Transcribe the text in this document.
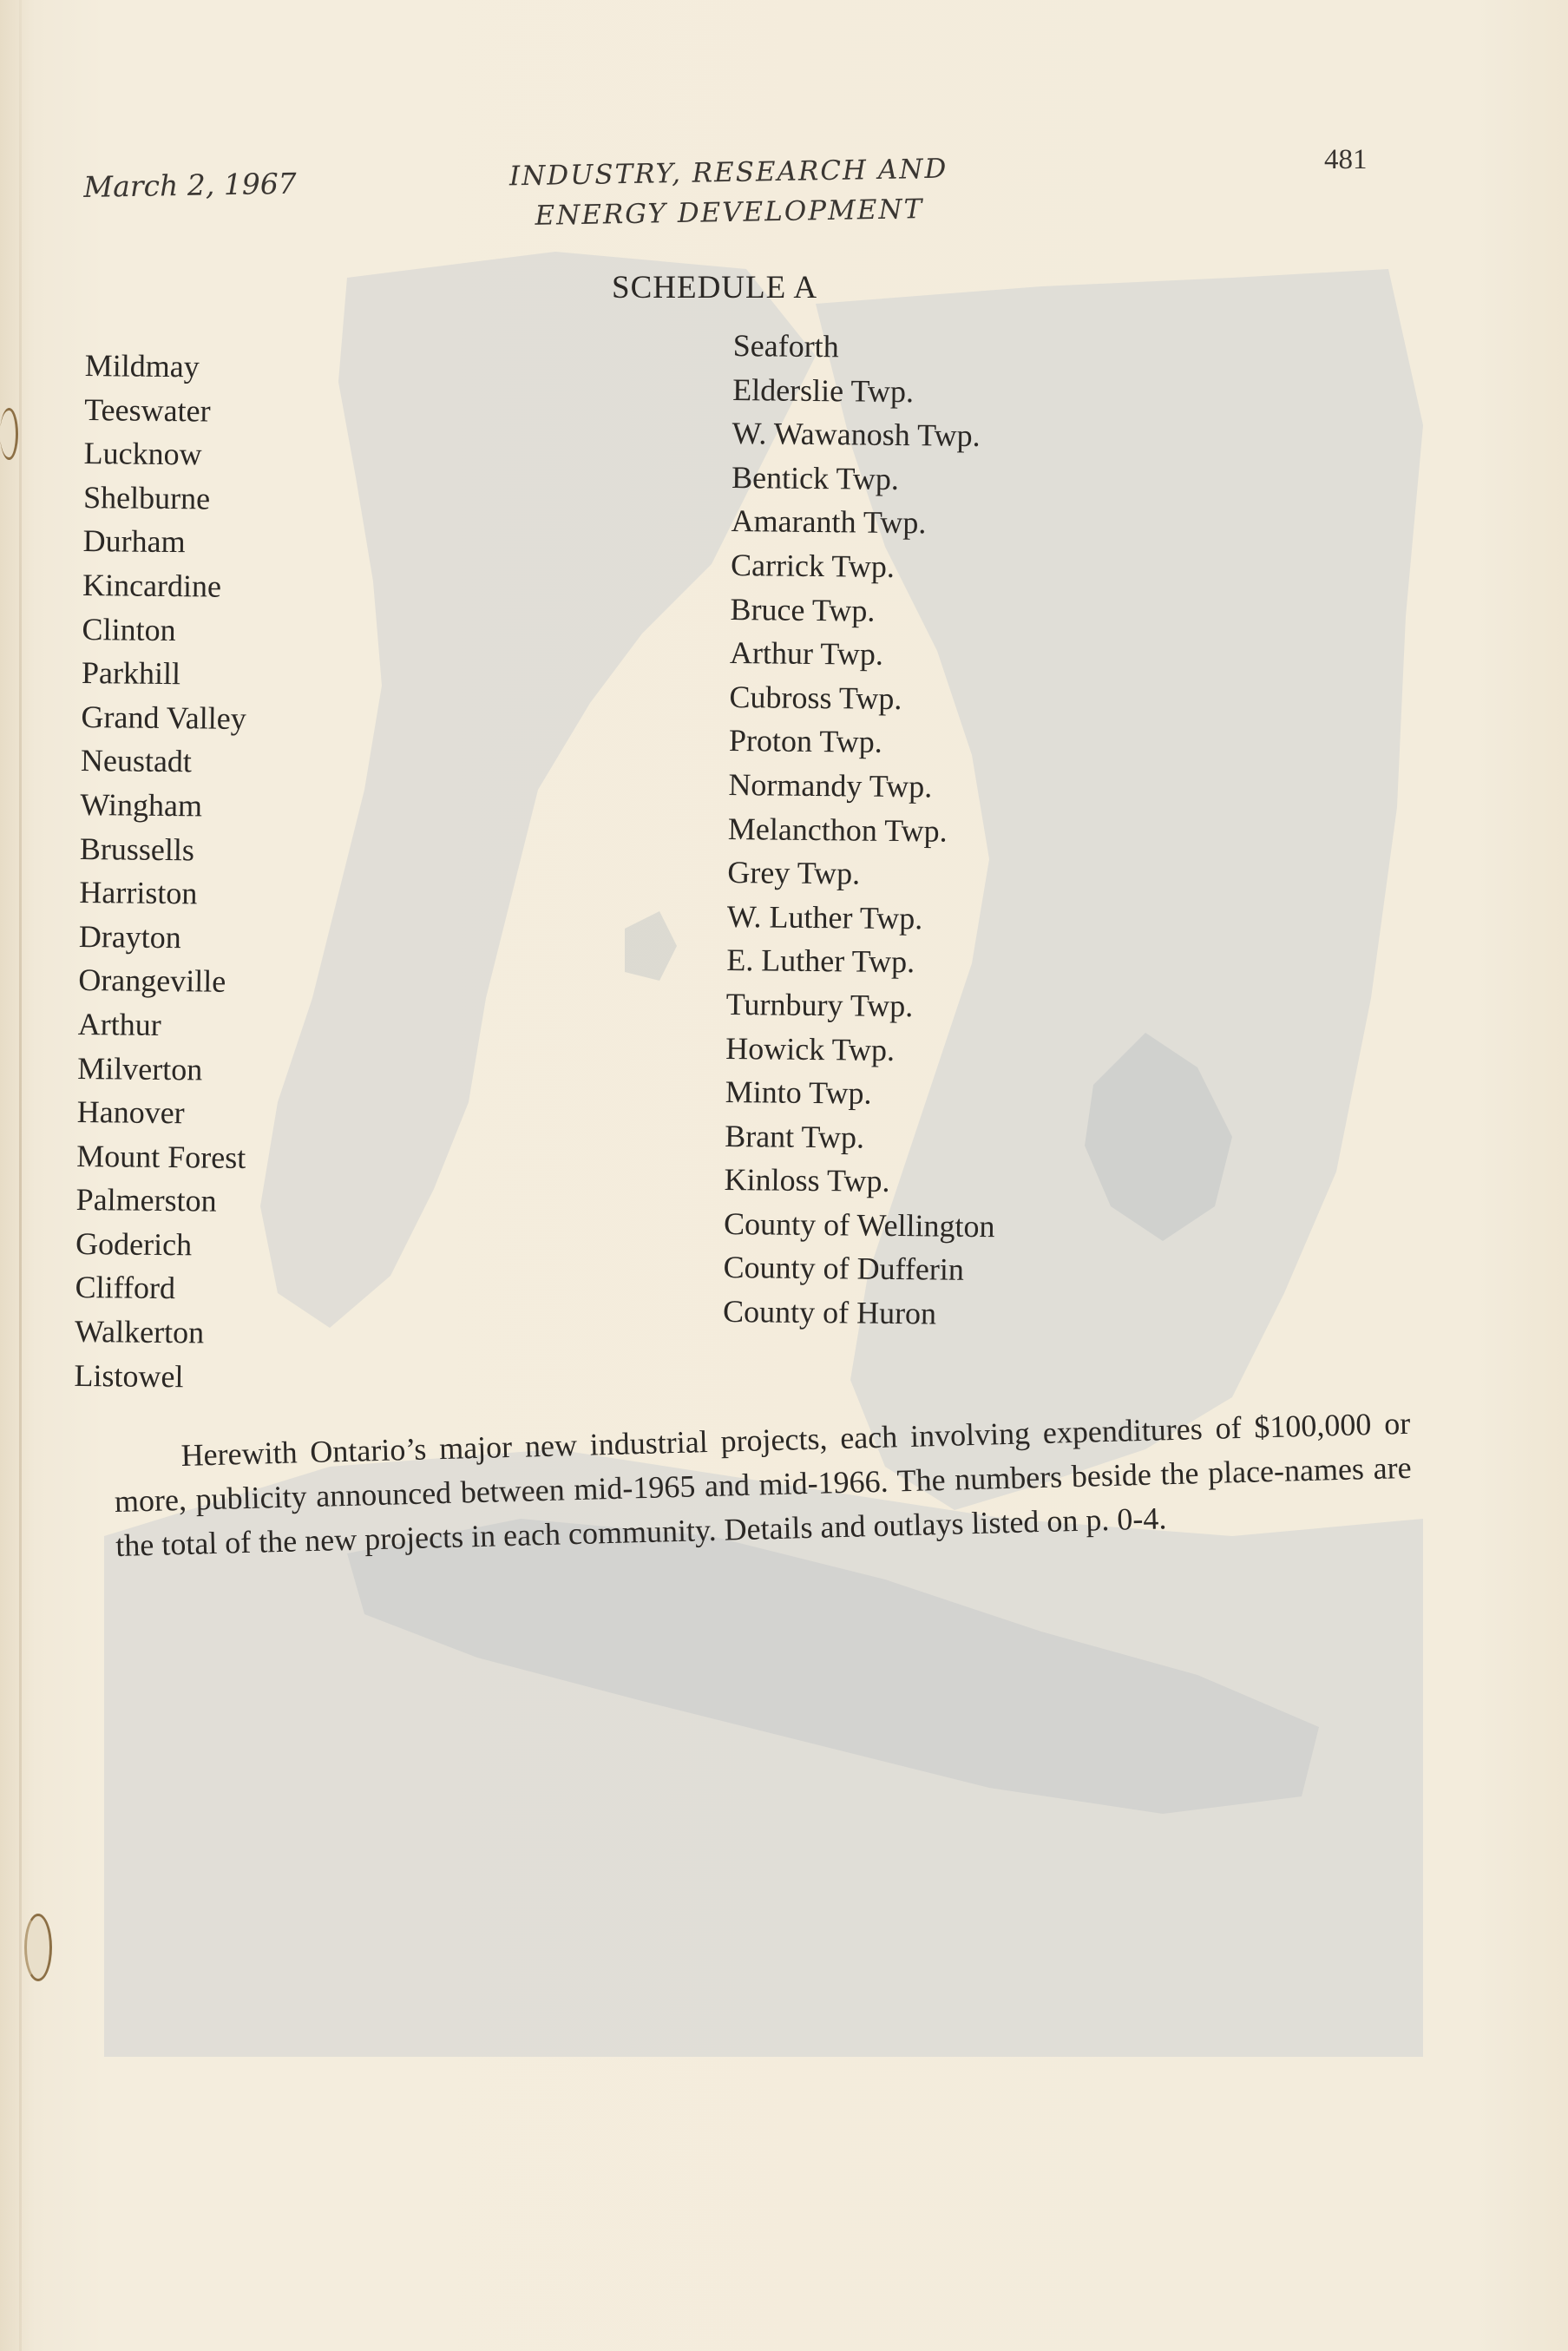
March 2, 1967	INDUSTRY, RESEARCH AND
ENERGY DEVELOPMENT
481
SCHEDULE A
Mildmay
Teeswater
Lucknow
Shelburne
Durham
Kincardine
Clinton
Parkhill
Grand Valley
Neustadt
Wingham
Brussells
Harriston
Drayton
Orangeville
Arthur
Milverton
Hanover
Mount Forest
Palmerston
Goderich
Clifford
Walkerton
Listowel
Seaforth
Elderslie Twp.
W. Wawanosh Twp.
Bentick Twp.
Amaranth Twp.
Carrick Twp.
Bruce Twp.
Arthur Twp.
Cubross Twp.
Proton Twp.
Normandy Twp.
Melancthon Twp.
Grey Twp.
W. Luther Twp.
E. Luther Twp.
Turnbury Twp.
Howick Twp.
Minto Twp.
Brant Twp.
Kinloss Twp.
County of Wellington
County of Dufferin
County of Huron

Herewith Ontario’s major new industrial projects, each involving expenditures of $100,000 or more, publicity announced between mid-1965 and mid-1966. The numbers beside the place-names are the total of the new projects in each community. Details and outlays listed on p. 0-4.
